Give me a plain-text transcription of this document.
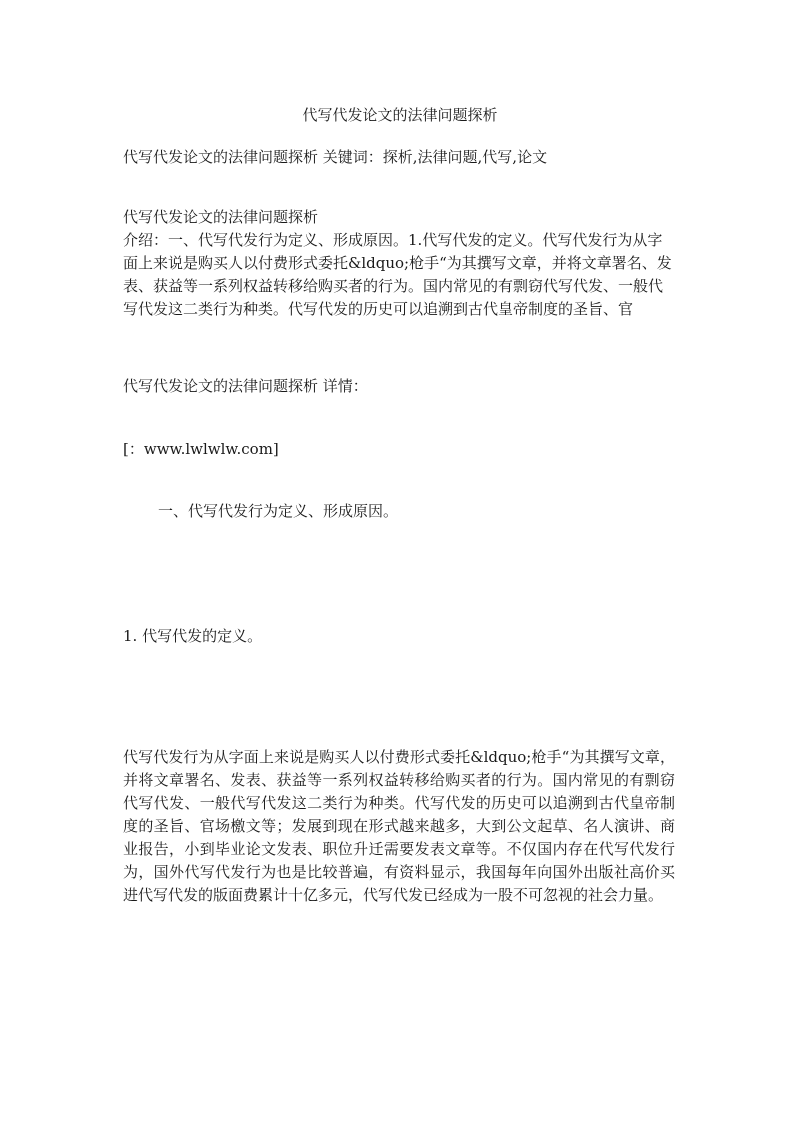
代写代发论文的法律问题探析

代写代发论文的法律问题探析 关键词：探析,法律问题,代写,论文

代写代发论文的法律问题探析

介绍：一、代写代发行为定义、形成原因。1.代写代发的定义。代写代发行为从字面上来说是购买人以付费形式委托&ldquo;枪手“为其撰写文章，并将文章署名、发表、获益等一系列权益转移给购买者的行为。国内常见的有剽窃代写代发、一般代写代发这二类行为种类。代写代发的历史可以追溯到古代皇帝制度的圣旨、官

代写代发论文的法律问题探析 详情：

[：www.lwlwlw.com]

一、代写代发行为定义、形成原因。

1. 代写代发的定义。

代写代发行为从字面上来说是购买人以付费形式委托&ldquo;枪手“为其撰写文章，并将文章署名、发表、获益等一系列权益转移给购买者的行为。国内常见的有剽窃代写代发、一般代写代发这二类行为种类。代写代发的历史可以追溯到古代皇帝制度的圣旨、官场檄文等；发展到现在形式越来越多，大到公文起草、名人演讲、商业报告，小到毕业论文发表、职位升迁需要发表文章等。不仅国内存在代写代发行为，国外代写代发行为也是比较普遍，有资料显示，我国每年向国外出版社高价买进代写代发的版面费累计十亿多元，代写代发已经成为一股不可忽视的社会力量。
